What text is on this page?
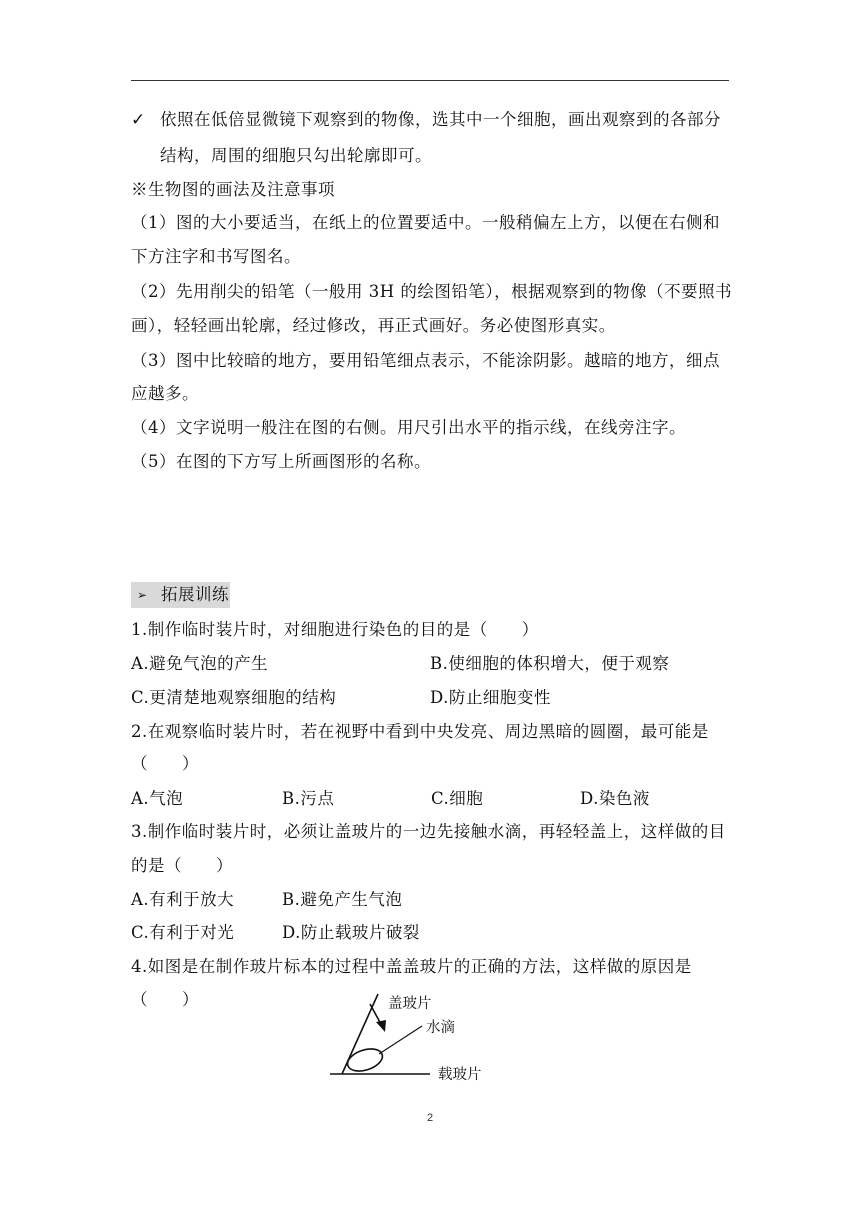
✓ 依照在低倍显微镜下观察到的物像，选其中一个细胞，画出观察到的各部分
结构，周围的细胞只勾出轮廓即可。
※生物图的画法及注意事项
（1）图的大小要适当，在纸上的位置要适中。一般稍偏左上方，以便在右侧和
下方注字和书写图名。
（2）先用削尖的铅笔（一般用 3H 的绘图铅笔），根据观察到的物像（不要照书
画），轻轻画出轮廓，经过修改，再正式画好。务必使图形真实。
（3）图中比较暗的地方，要用铅笔细点表示，不能涂阴影。越暗的地方，细点
应越多。
（4）文字说明一般注在图的右侧。用尺引出水平的指示线，在线旁注字。
（5）在图的下方写上所画图形的名称。
➢ 拓展训练
1.制作临时装片时，对细胞进行染色的目的是（　　）
A.避免气泡的产生	B.使细胞的体积增大，便于观察
C.更清楚地观察细胞的结构	D.防止细胞变性
2.在观察临时装片时，若在视野中看到中央发亮、周边黑暗的圆圈，最可能是
（　　）
A.气泡	B.污点	C.细胞	D.染色液
3.制作临时装片时，必须让盖玻片的一边先接触水滴，再轻轻盖上，这样做的目
的是（　　）
A.有利于放大	B.避免产生气泡
C.有利于对光	D.防止载玻片破裂
4.如图是在制作玻片标本的过程中盖盖玻片的正确的方法，这样做的原因是
（　　）	盖玻片
水滴
载玻片
2
